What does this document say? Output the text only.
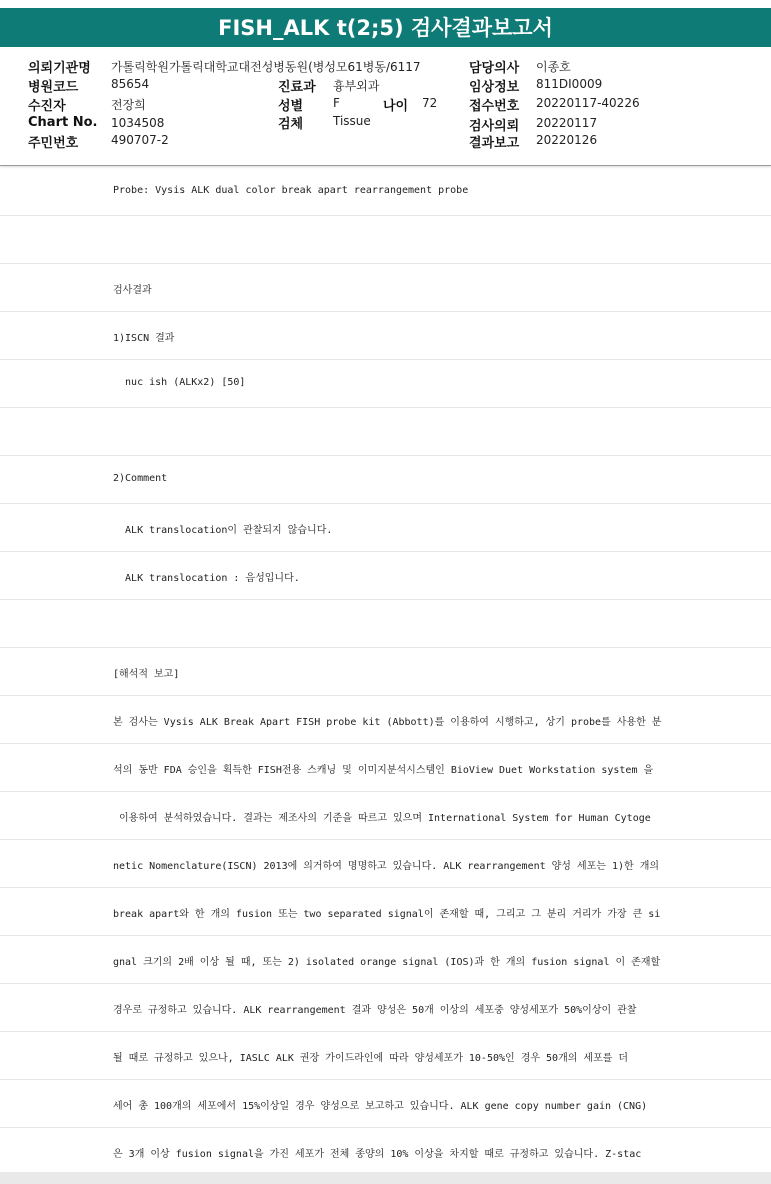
FISH_ALK t(2;5) 검사결과보고서
의뢰기관명 가톨릭학원가톨릭대학교대전성병동원(병성모61병동/6117	담당의사 이종호
병원코드	85654	진료과 흉부외과	임상정보 811DI0009
수진자	전장희	성별 F	나이 72 접수번호 20220117-40226
Chart No. 1034508	검체 Tissue	검사의뢰 20220117
주민번호	490707-2	결과보고 20220126
Probe: Vysis ALK dual color break apart rearrangement probe
검사결과
1)ISCN 결과
nuc ish (ALKx2) [50]
2)Comment
ALK translocation이 관찰되지 않습니다.
ALK translocation : 음성입니다.
[해석적 보고]
본 검사는 Vysis ALK Break Apart FISH probe kit (Abbott)를 이용하여 시행하고, 상기 probe를 사용한 분
석의 동반 FDA 승인을 획득한 FISH전용 스캐닝 및 이미지분석시스템인 BioView Duet Workstation system 을
이용하여 분석하였습니다. 결과는 제조사의 기준을 따르고 있으며 International System for Human Cytoge
netic Nomenclature(ISCN) 2013에 의거하여 명명하고 있습니다. ALK rearrangement 양성 세포는 1)한 개의
break apart와 한 개의 fusion 또는 two separated signal이 존재할 때, 그리고 그 분리 거리가 가장 큰 si
gnal 크기의 2배 이상 될 때, 또는 2) isolated orange signal (IOS)과 한 개의 fusion signal 이 존재할
경우로 규정하고 있습니다. ALK rearrangement 결과 양성은 50개 이상의 세포중 양성세포가 50%이상이 관찰
될 때로 규정하고 있으나, IASLC ALK 권장 가이드라인에 따라 양성세포가 10-50%인 경우 50개의 세포를 더
세어 총 100개의 세포에서 15%이상일 경우 양성으로 보고하고 있습니다. ALK gene copy number gain (CNG)
은 3개 이상 fusion signal을 가진 세포가 전체 종양의 10% 이상을 차지할 때로 규정하고 있습니다. Z-stac
